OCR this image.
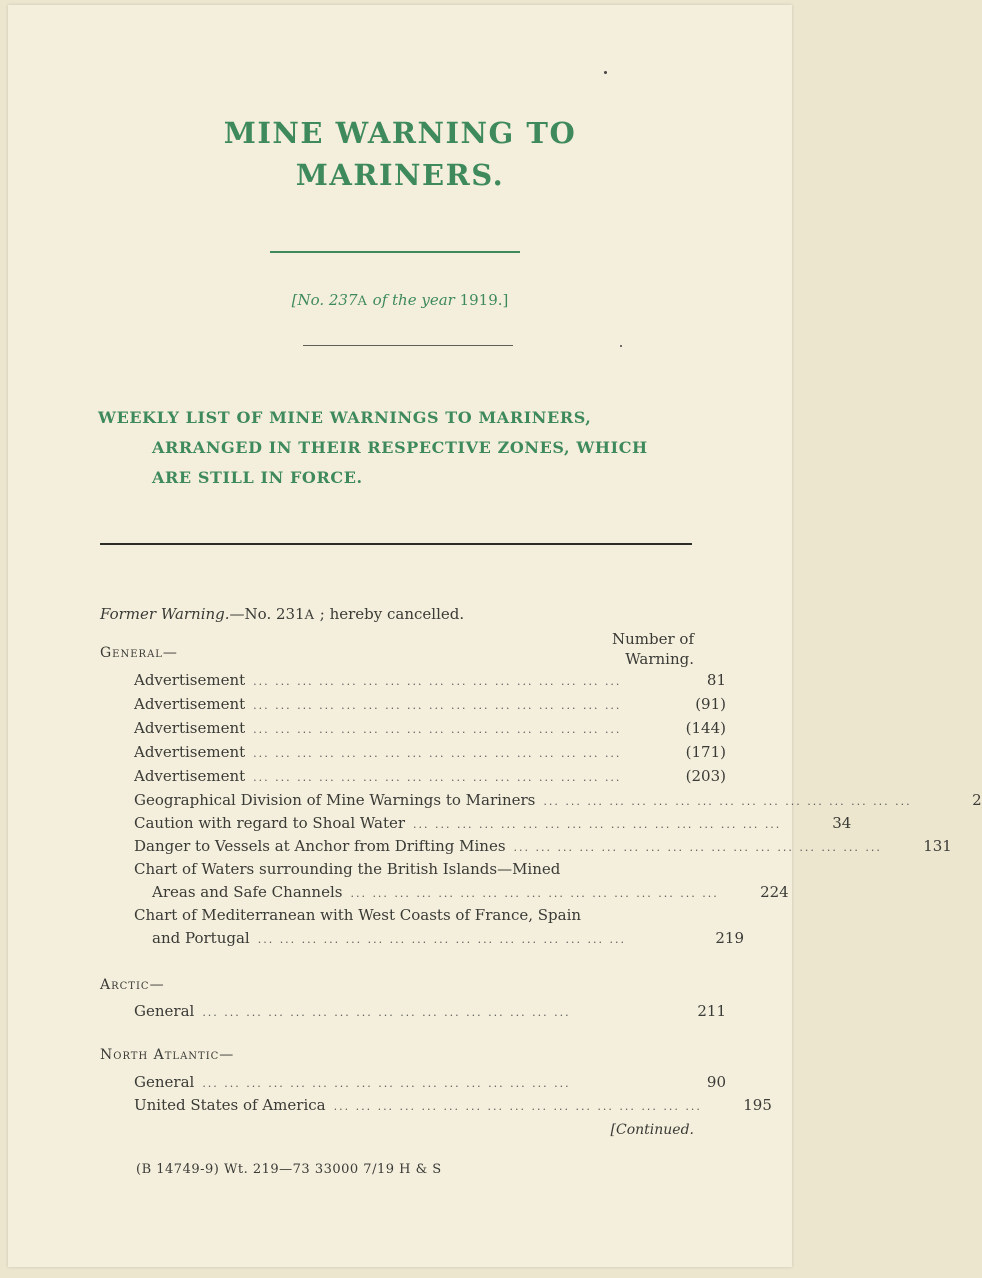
MINE WARNING TO
MARINERS.
[No. 237A of the year 1919.]
WEEKLY LIST OF MINE WARNINGS TO MARINERS,
ARRANGED IN THEIR RESPECTIVE ZONES, WHICH
ARE STILL IN FORCE.
Former Warning.—No. 231A ; hereby cancelled.
Number of
Warning.
General—
Advertisement ... ... ... ... ... ... ... ... ... ... ... ... ... ... ... ... ...	81
Advertisement ... ... ... ... ... ... ... ... ... ... ... ... ... ... ... ... ...	(91)
Advertisement ... ... ... ... ... ... ... ... ... ... ... ... ... ... ... ... ...	(144)
Advertisement ... ... ... ... ... ... ... ... ... ... ... ... ... ... ... ... ...	(171)
Advertisement ... ... ... ... ... ... ... ... ... ... ... ... ... ... ... ... ...	(203)
Geographical Division of Mine Warnings to Mariners ... ... ... ... ... ... ... ... ... ... ... ... ... ... ... ... ...	2
Caution with regard to Shoal Water ... ... ... ... ... ... ... ... ... ... ... ... ... ... ... ... ...	34
Danger to Vessels at Anchor from Drifting Mines ... ... ... ... ... ... ... ... ... ... ... ... ... ... ... ... ...	131
Chart of Waters surrounding the British Islands—Mined
Areas and Safe Channels ... ... ... ... ... ... ... ... ... ... ... ... ... ... ... ... ...	224
Chart of Mediterranean with West Coasts of France, Spain
and Portugal ... ... ... ... ... ... ... ... ... ... ... ... ... ... ... ... ...	219
Arctic—
General ... ... ... ... ... ... ... ... ... ... ... ... ... ... ... ... ...	211
North Atlantic—
General ... ... ... ... ... ... ... ... ... ... ... ... ... ... ... ... ...	90
United States of America ... ... ... ... ... ... ... ... ... ... ... ... ... ... ... ... ...	195
[Continued.
(B 14749-9) Wt. 219—73 33000 7/19 H & S
